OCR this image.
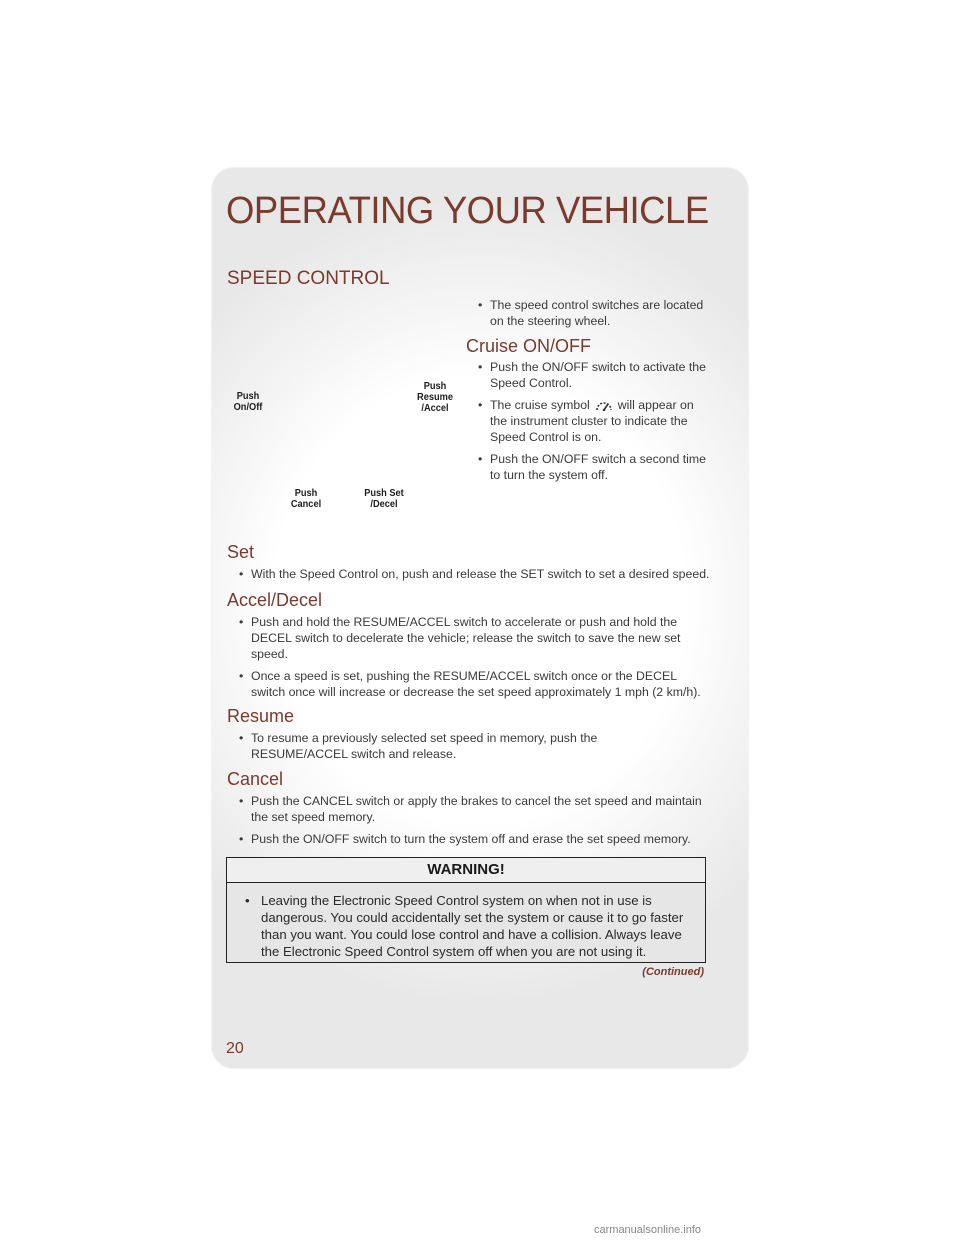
OPERATING YOUR VEHICLE
SPEED CONTROL
Push
On/Off
Push
Resume
/Accel
Push
Cancel
Push Set
/Decel
• The speed control switches are located on the steering wheel.
Cruise ON/OFF
• Push the ON/OFF switch to activate the Speed Control.
• The cruise symbol will appear on the instrument cluster to indicate the Speed Control is on.
• Push the ON/OFF switch a second time to turn the system off.
Set
• With the Speed Control on, push and release the SET switch to set a desired speed.
Accel/Decel
• Push and hold the RESUME/ACCEL switch to accelerate or push and hold the DECEL switch to decelerate the vehicle; release the switch to save the new set speed.
• Once a speed is set, pushing the RESUME/ACCEL switch once or the DECEL switch once will increase or decrease the set speed approximately 1 mph (2 km/h).
Resume
• To resume a previously selected set speed in memory, push the RESUME/ACCEL switch and release.
Cancel
• Push the CANCEL switch or apply the brakes to cancel the set speed and maintain the set speed memory.
• Push the ON/OFF switch to turn the system off and erase the set speed memory.
WARNING!
• Leaving the Electronic Speed Control system on when not in use is dangerous. You could accidentally set the system or cause it to go faster than you want. You could lose control and have a collision. Always leave the Electronic Speed Control system off when you are not using it.
(Continued)
20
carmanualsonline.info
